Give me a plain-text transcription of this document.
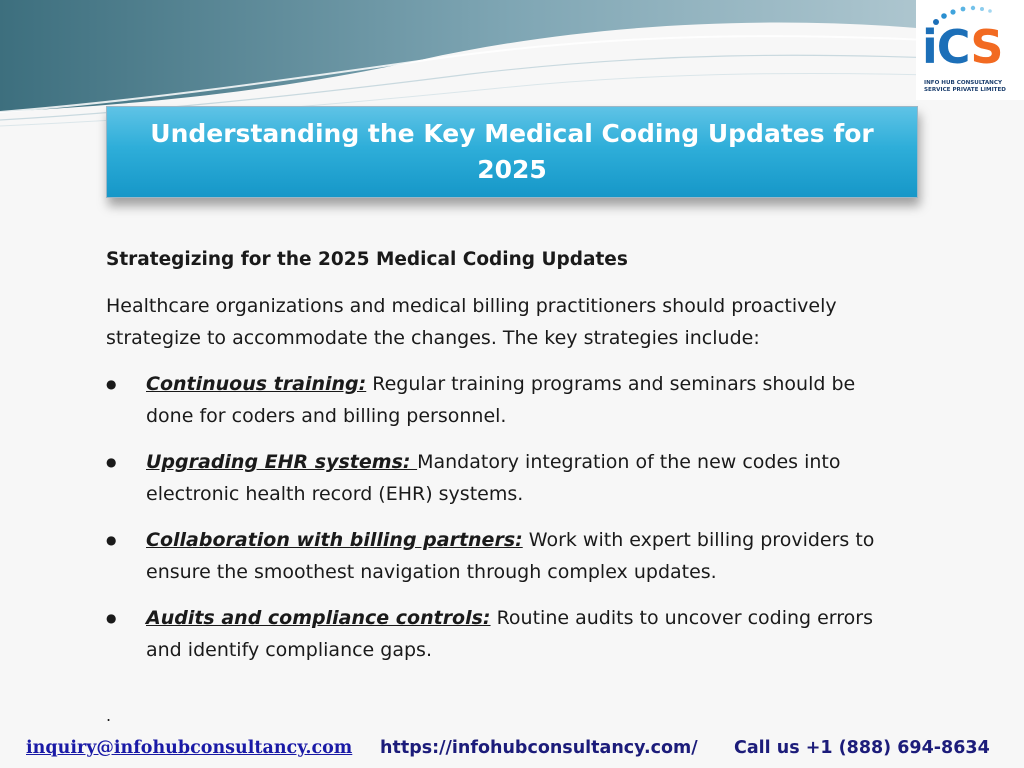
iCS
INFO HUB CONSULTANCY
SERVICE PRIVATE LIMITED
Understanding the Key Medical Coding Updates for 2025
Strategizing for the 2025 Medical Coding Updates
Healthcare organizations and medical billing practitioners should proactively strategize to accommodate the changes. The key strategies include:
● Continuous training: Regular training programs and seminars should be done for coders and billing personnel.
● Upgrading EHR systems: Mandatory integration of the new codes into electronic health record (EHR) systems.
● Collaboration with billing partners: Work with expert billing providers to ensure the smoothest navigation through complex updates.
● Audits and compliance controls: Routine audits to uncover coding errors and identify compliance gaps.
.
inquiry@infohubconsultancy.com https://infohubconsultancy.com/ Call us +1 (888) 694-8634
